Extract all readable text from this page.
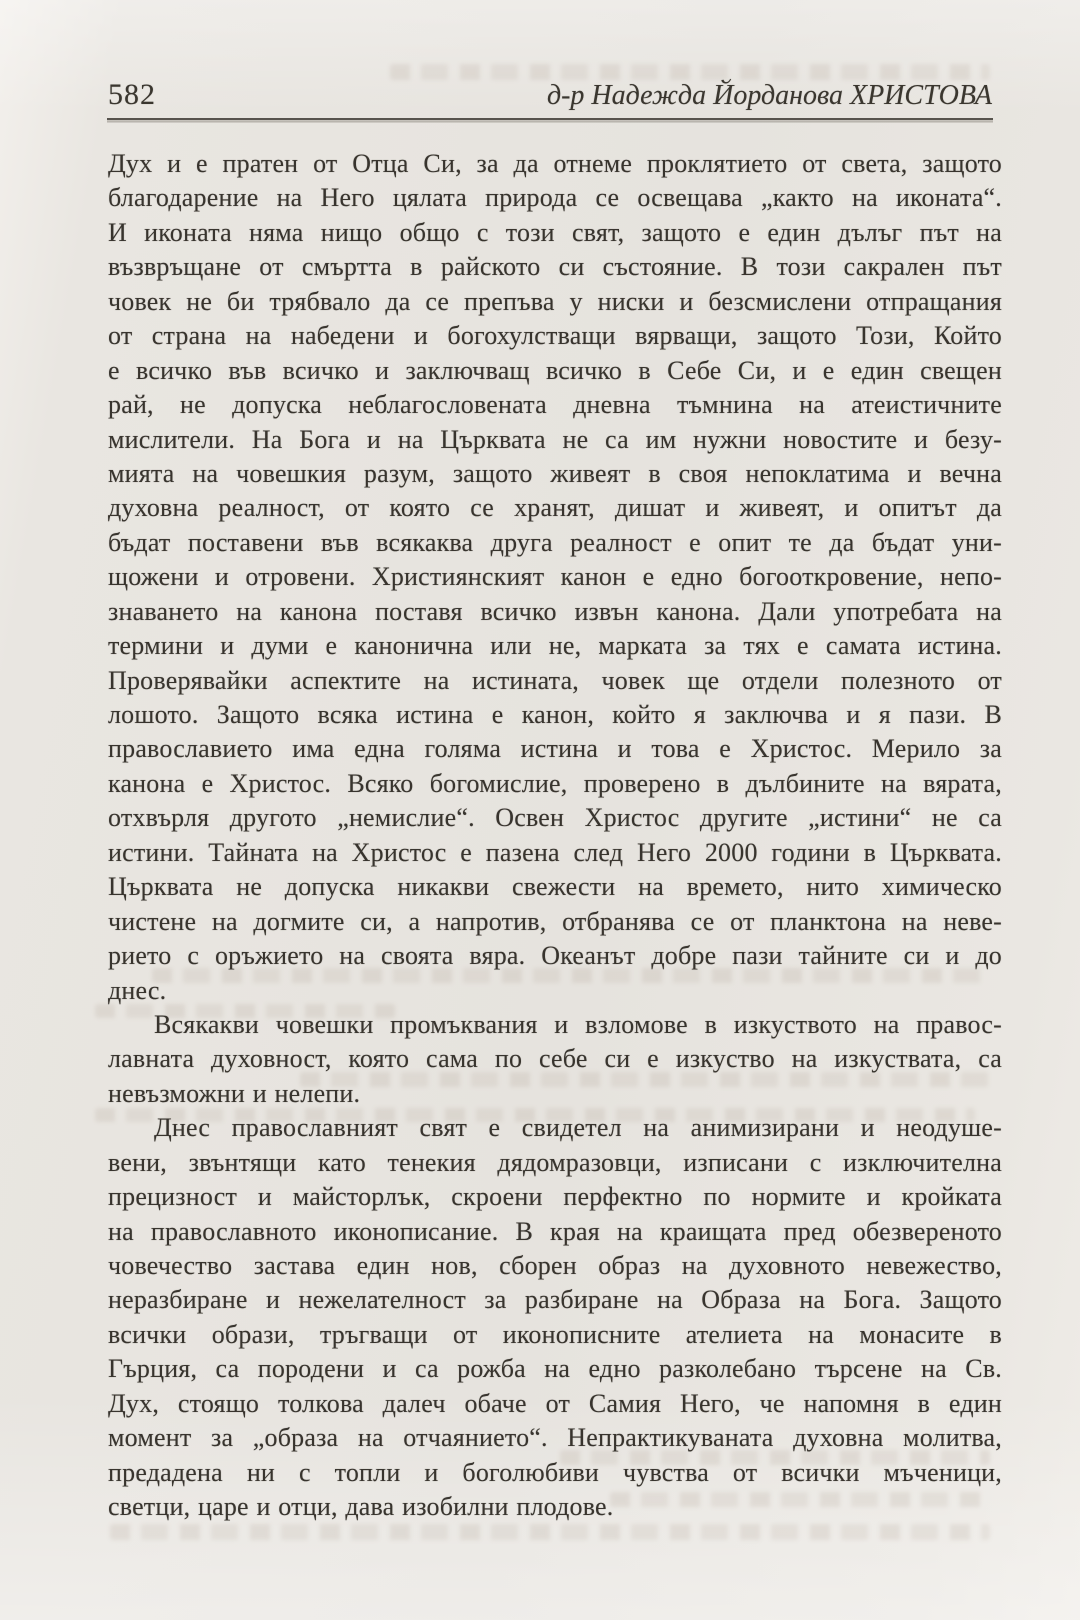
582	д-р Надежда Йорданова ХРИСТОВА
Дух и е пратен от Отца Си, за да отнеме проклятието от света, защото
благодарение на Него цялата природа се освещава „както на иконата“.
И иконата няма нищо общо с този свят, защото е един дълъг път на
възвръщане от смъртта в райското си състояние. В този сакрален път
човек не би трябвало да се препъва у ниски и безсмислени отпращания
от страна на набедени и богохулстващи вярващи, защото Този, Който
е всичко във всичко и заключващ всичко в Себе Си, и е един свещен
рай, не допуска неблагословената дневна тъмнина на атеистичните
мислители. На Бога и на Църквата не са им нужни новостите и безу-
мията на човешкия разум, защото живеят в своя непоклатима и вечна
духовна реалност, от която се хранят, дишат и живеят, и опитът да
бъдат поставени във всякаква друга реалност е опит те да бъдат уни-
щожени и отровени. Християнският канон е едно богооткровение, непо-
знаването на канона поставя всичко извън канона. Дали употребата на
термини и думи е канонична или не, марката за тях е самата истина.
Проверявайки аспектите на истината, човек ще отдели полезното от
лошото. Защото всяка истина е канон, който я заключва и я пази. В
православието има една голяма истина и това е Христос. Мерило за
канона е Христос. Всяко богомислие, проверено в дълбините на вярата,
отхвърля другото „немислие“. Освен Христос другите „истини“ не са
истини. Тайната на Христос е пазена след Него 2000 години в Църквата.
Църквата не допуска никакви свежести на времето, нито химическо
чистене на догмите си, а напротив, отбранява се от планктона на неве-
рието с оръжието на своята вяра. Океанът добре пази тайните си и до
днес.
Всякакви човешки промъквания и взломове в изкуството на правос-
лавната духовност, която сама по себе си е изкуство на изкуствата, са
невъзможни и нелепи.
Днес православният свят е свидетел на анимизирани и неодуше-
вени, звънтящи като тенекия дядомразовци, изписани с изключителна
прецизност и майсторлък, скроени перфектно по нормите и кройката
на православното иконописание. В края на краищата пред обезвереното
човечество застава един нов, сборен образ на духовното невежество,
неразбиране и нежелателност за разбиране на Образа на Бога. Защото
всички образи, тръгващи от иконописните ателиета на монасите в
Гърция, са породени и са рожба на едно разколебано търсене на Св.
Дух, стоящо толкова далеч обаче от Самия Него, че напомня в един
момент за „образа на отчаянието“. Непрактикуваната духовна молитва,
предадена ни с топли и боголюбиви чувства от всички мъченици,
светци, царе и отци, дава изобилни плодове.
